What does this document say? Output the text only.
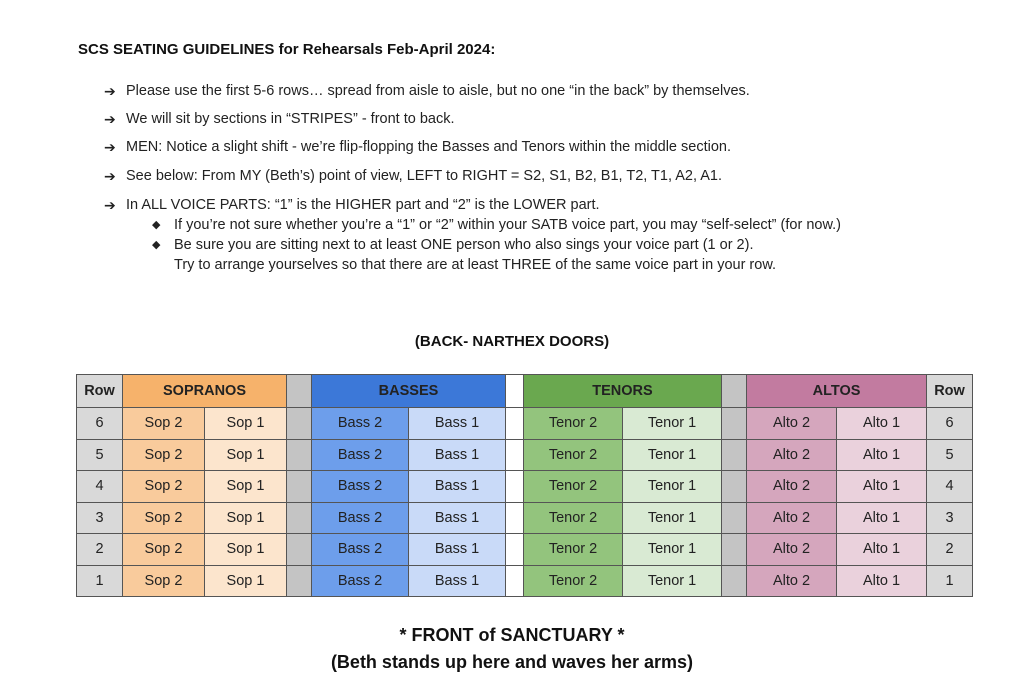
SCS SEATING GUIDELINES for Rehearsals Feb-April 2024:
➔ Please use the first 5-6 rows… spread from aisle to aisle, but no one “in the back” by themselves.
➔ We will sit by sections in “STRIPES” - front to back.
➔ MEN: Notice a slight shift - we’re flip-flopping the Basses and Tenors within the middle section.
➔ See below: From MY (Beth’s) point of view, LEFT to RIGHT = S2, S1, B2, B1, T2, T1, A2, A1.
➔ In ALL VOICE PARTS: “1” is the HIGHER part and “2” is the LOWER part.
◆ If you’re not sure whether you’re a “1” or “2” within your SATB voice part, you may “self-select” (for now.)
◆ Be sure you are sitting next to at least ONE person who also sings your voice part (1 or 2).
Try to arrange yourselves so that there are at least THREE of the same voice part in your row.
(BACK- NARTHEX DOORS)
Row	SOPRANOS			BASSES			TENORS			ALTOS		Row
6	Sop 2	Sop 1		Bass 2	Bass 1		Tenor 2	Tenor 1		Alto 2	Alto 1	6
5	Sop 2	Sop 1		Bass 2	Bass 1		Tenor 2	Tenor 1		Alto 2	Alto 1	5
4	Sop 2	Sop 1		Bass 2	Bass 1		Tenor 2	Tenor 1		Alto 2	Alto 1	4
3	Sop 2	Sop 1		Bass 2	Bass 1		Tenor 2	Tenor 1		Alto 2	Alto 1	3
2	Sop 2	Sop 1		Bass 2	Bass 1		Tenor 2	Tenor 1		Alto 2	Alto 1	2
1	Sop 2	Sop 1		Bass 2	Bass 1		Tenor 2	Tenor 1		Alto 2	Alto 1	1
* FRONT of SANCTUARY *
(Beth stands up here and waves her arms)
